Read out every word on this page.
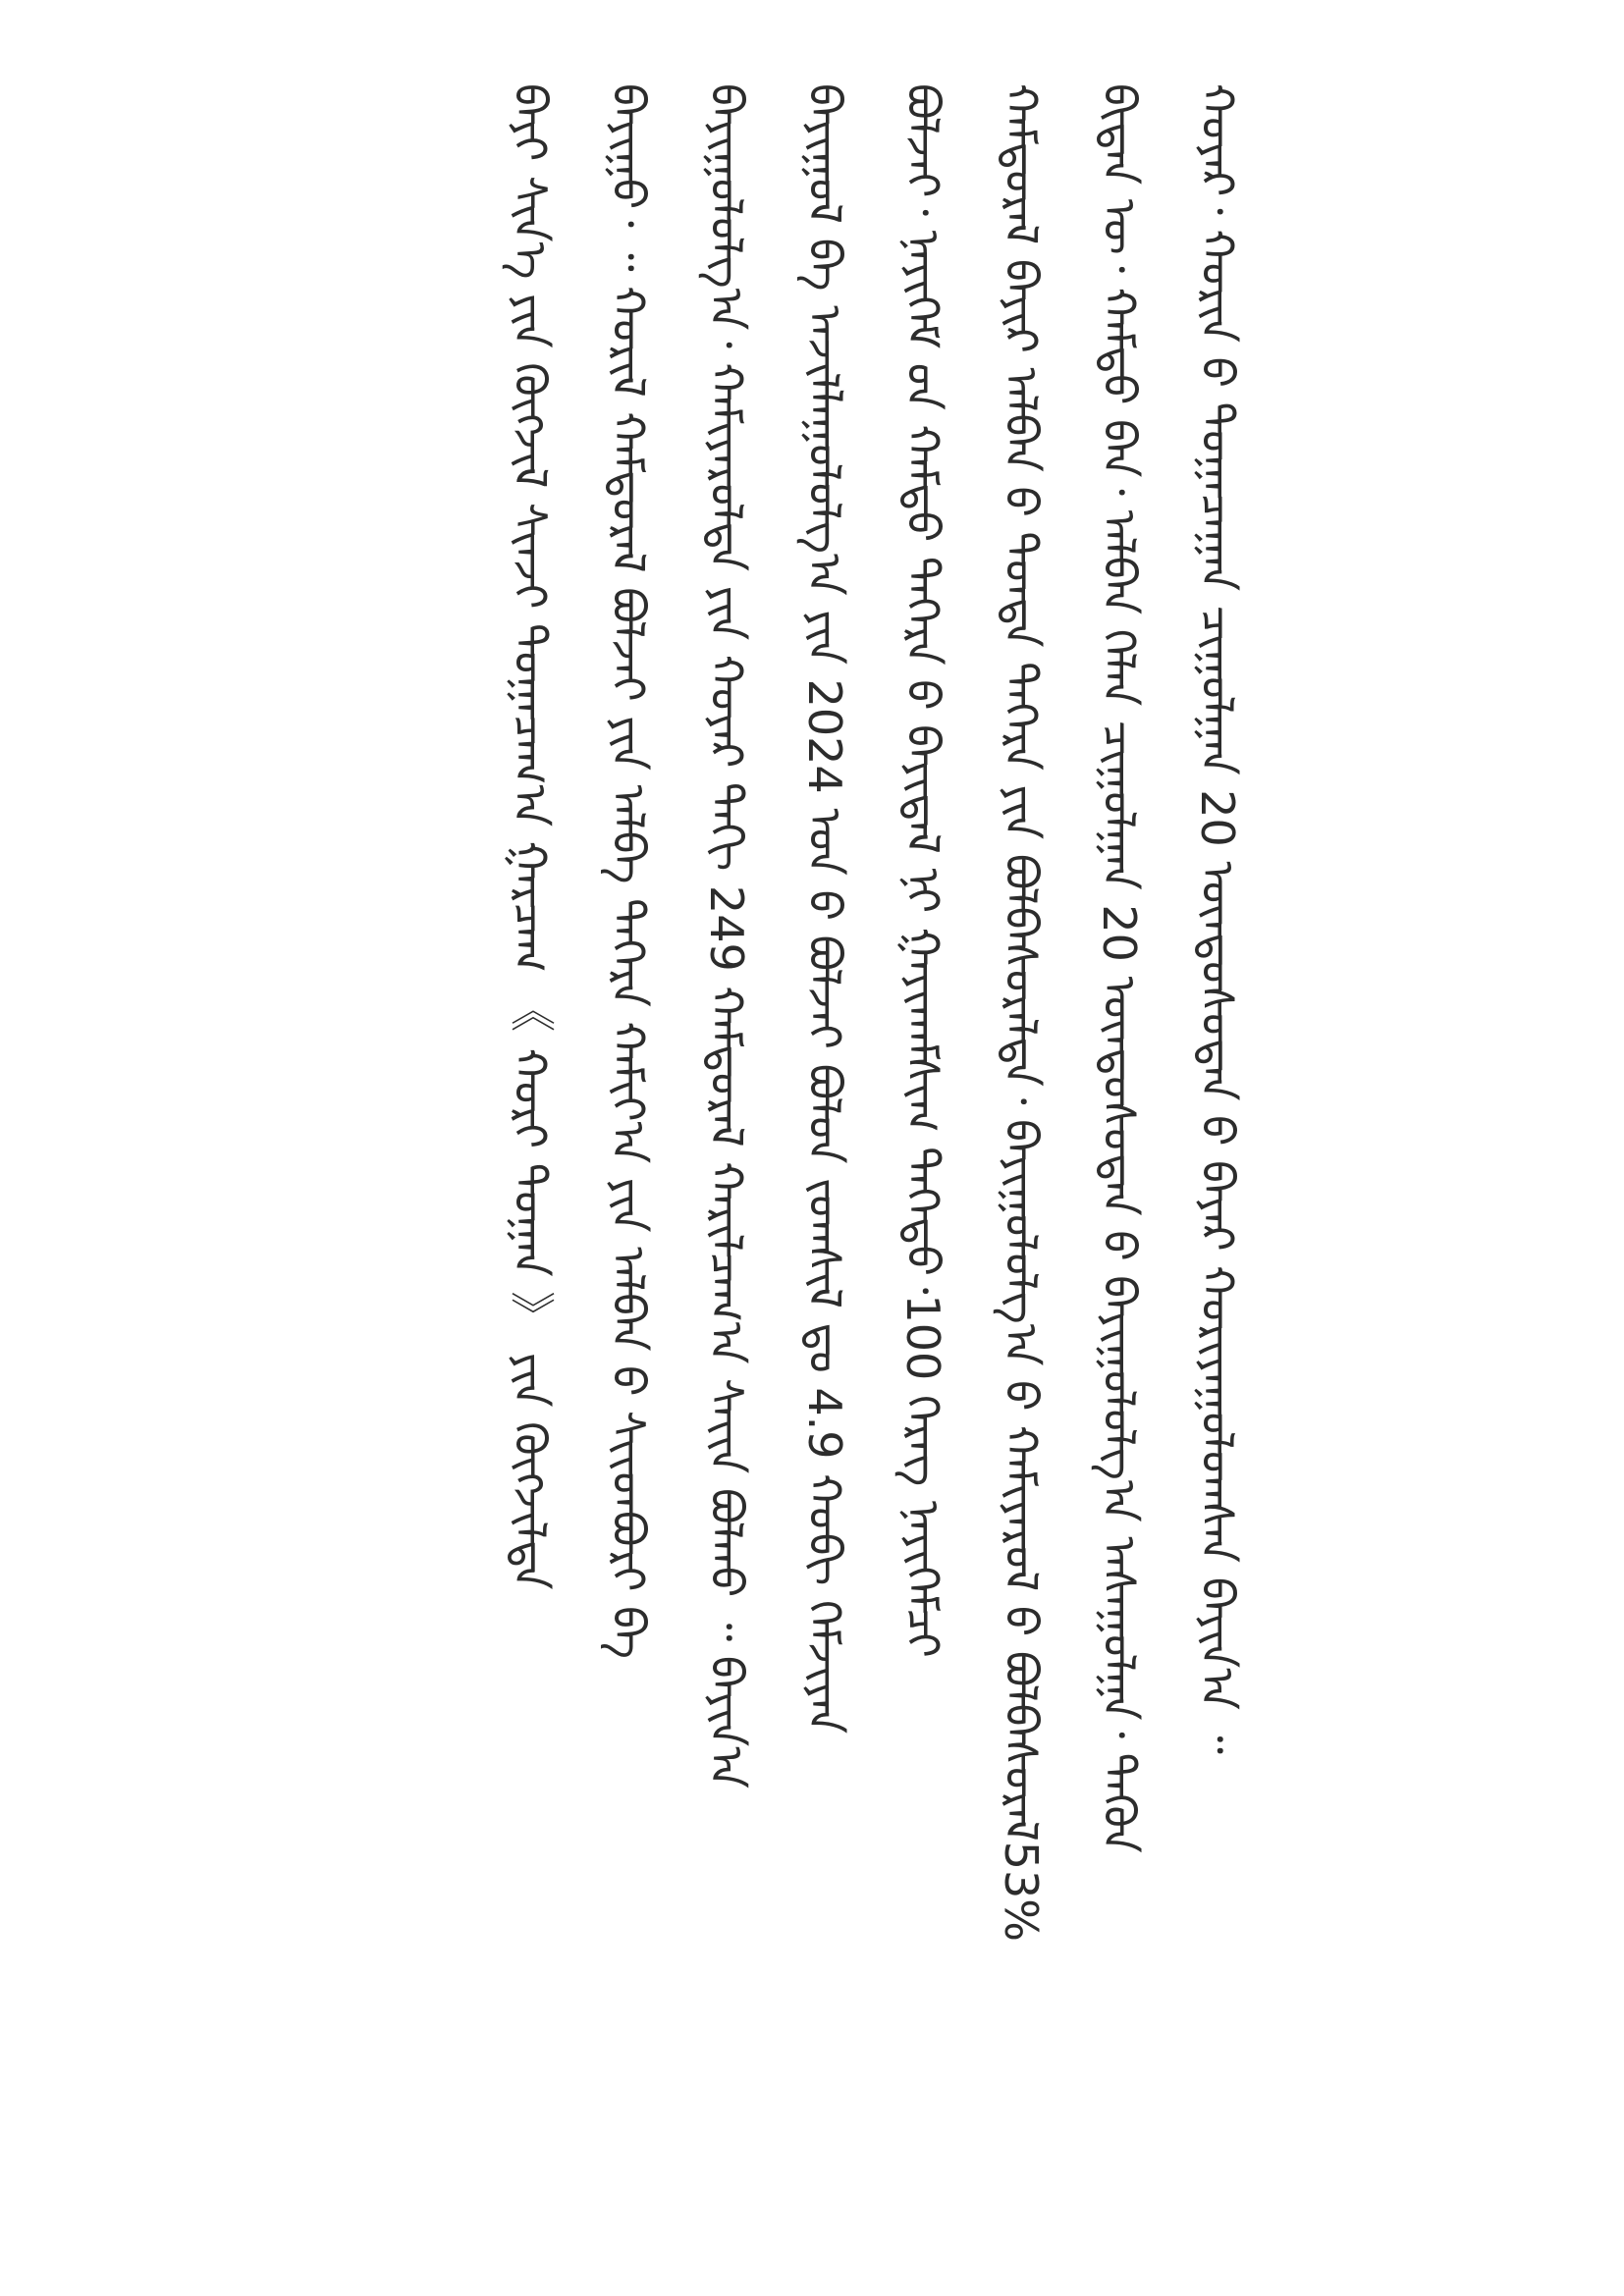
ᠬᠣᠶᠠᠷ᠂ ᠬᠣᠷᠢᠨ ᠤ᠋ ᠲᠣᠭᠠᠴᠠᠭᠠᠨ ᠴᠢᠭᠤᠯᠭᠠᠨ 20 ᠦᠨᠳᠦᠰᠦᠲᠡᠨ ᠤ᠋ ᠪᠠᠶᠠᠷ ᠬᠣᠷᠢᠶᠠᠭᠤᠯᠤᠭᠰᠠᠨ ᠪᠠᠶᠢᠨ᠎ᠠ ᠃
ᠪᠢᠳᠡᠨ ᠦ᠂ ᠬᠠᠮᠲᠤ ᠪᠠᠨ᠂ ᠠᠯᠪᠠᠨ ᠬᠡᠯᠡᠨ ᠴᠢᠭᠤᠯᠭᠠᠨ 20 ᠦᠨᠳᠦᠰᠦᠲᠡᠨ ᠤ᠋ ᠪᠠᠶᠢᠭᠤᠯᠤᠯᠭ᠎ᠠ ᠠᠰᠠᠭᠤᠯᠭᠠ᠂ ᠲᠡᠭᠦᠨ
ᠬᠠᠮᠲᠤᠷᠠᠯ ᠪᠠᠶᠢᠷ ᠠᠯᠪᠠᠨ ᠤ᠋ ᠳᠤᠨᠳᠠ ᠳᠡᠭᠡᠷᠡ ᠶᠢᠨ ᠪᠣᠯᠪᠠᠰᠤᠷᠠᠯᠲᠠ᠂ ᠪᠠᠶᠢᠭᠤᠯᠤᠯᠭ᠎ᠠ ᠤ᠋ ᠬᠠᠮᠢᠶᠠᠷᠤᠯ ᠤ᠋ ᠪᠣᠯᠪᠠᠰᠤᠷᠠᠯ53%
ᠪᠣᠯᠵᠠᠢ᠂ ᠨᠡᠶᠢᠭᠡᠮ ᠦ᠋ᠨ ᠬᠠᠮᠲᠤ ᠳᠡᠭᠡᠷᠡ ᠤ᠋ ᠪᠠᠶᠢᠳᠠᠯ ᠨᠢ ᠭᠠᠶᠢᠬᠠᠮᠰᠢᠭ ᠳᠡᠭᠡᠳᠦ᠂100 ᠬᠡᠷᠡᠭ ᠨᠡᠶᠢᠭᠡᠮᠴᠢ
ᠪᠠᠶᠢᠭᠤᠯ ᠪᠠ ᠠᠵᠢᠯᠯᠠᠭᠤᠯᠤᠯᠭ᠎ᠠ ᠶᠢᠨ 2024 ᠣᠨ ᠤ᠋ ᠪᠣᠯᠵᠠᠢ ᠪᠣᠯᠤᠨ ᠵᠣᠭᠰᠢᠯ ᠳᠤ 4.9 ᠬᠣᠪᠢ ᠬᠡᠮᠵᠢᠶᠡᠨ
ᠪᠠᠶᠢᠭᠤᠯᠤᠯᠭ᠎ᠠ᠂ ᠬᠠᠮᠢᠶᠠᠷᠤᠯᠲᠠ ᠶᠢᠨ ᠬᠣᠶᠠᠷ ᠳᠠᠬᠢ 249 ᠬᠠᠮᠲᠤᠷᠠᠯ ᠬᠠᠷᠢᠯᠴᠠᠭ᠎ᠠ ᠰᠠᠶ᠋ᠢᠨ ᠪᠣᠯᠬᠤ ᠃ ᠪᠠᠶᠢᠨ᠎ᠠ
ᠪᠠᠶᠢᠭᠤ᠂ ᠃ ᠬᠣᠷᠢᠯ ᠬᠠᠮᠲᠤᠷᠠᠯ ᠪᠣᠯᠵᠠᠢ ᠶᠢᠨ ᠠᠯᠪᠠ ᠳᠡᠭᠡᠷᠡ ᠬᠠᠮᠢᠶ᠎ᠠ ᠶᠢᠨ ᠠᠯᠪᠠᠨ ᠤ᠋ ᠰᠢᠢᠳᠪᠦᠷᠢ ᠪᠠ
ᠪᠠᠶᠢ ᠰᠢᠨ᠎ᠡ ᠶᠢᠨ ᠬᠥᠭᠵᠢᠯ ᠰᠢᠨᠵᠢ ᠲᠣᠭᠠᠴᠠᠭ᠎ᠠ ᠭᠠᠷᠴᠠᠭ 《 ᠬᠣᠷᠢ ᠲᠣᠭᠠᠨ 》 ᠶᠢᠨ ᠬᠥᠭᠵᠢᠯᠲᠡ
